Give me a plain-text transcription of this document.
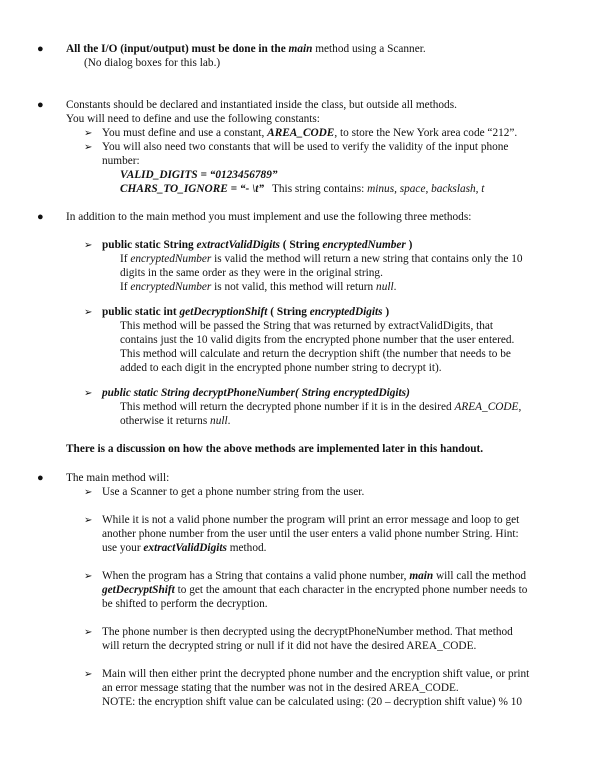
● All the I/O (input/output) must be done in the main method using a Scanner.
(No dialog boxes for this lab.)
● Constants should be declared and instantiated inside the class, but outside all methods.
You will need to define and use the following constants:
➢ You must define and use a constant, AREA_CODE, to store the New York area code “212”.
➢ You will also need two constants that will be used to verify the validity of the input phone
number:
VALID_DIGITS = “0123456789”
CHARS_TO_IGNORE = “- \t” This string contains: minus, space, backslash, t
● In addition to the main method you must implement and use the following three methods:
➢ public static String extractValidDigits ( String encryptedNumber )
If encryptedNumber is valid the method will return a new string that contains only the 10
digits in the same order as they were in the original string.
If encryptedNumber is not valid, this method will return null.
➢ public static int getDecryptionShift ( String encryptedDigits )
This method will be passed the String that was returned by extractValidDigits, that
contains just the 10 valid digits from the encrypted phone number that the user entered.
This method will calculate and return the decryption shift (the number that needs to be
added to each digit in the encrypted phone number string to decrypt it).
➢ public static String decryptPhoneNumber( String encryptedDigits)
This method will return the decrypted phone number if it is in the desired AREA_CODE,
otherwise it returns null.
There is a discussion on how the above methods are implemented later in this handout.
● The main method will:
➢ Use a Scanner to get a phone number string from the user.
➢ While it is not a valid phone number the program will print an error message and loop to get
another phone number from the user until the user enters a valid phone number String. Hint:
use your extractValidDigits method.
➢ When the program has a String that contains a valid phone number, main will call the method
getDecryptShift to get the amount that each character in the encrypted phone number needs to
be shifted to perform the decryption.
➢ The phone number is then decrypted using the decryptPhoneNumber method. That method
will return the decrypted string or null if it did not have the desired AREA_CODE.
➢ Main will then either print the decrypted phone number and the encryption shift value, or print
an error message stating that the number was not in the desired AREA_CODE.
NOTE: the encryption shift value can be calculated using: (20 – decryption shift value) % 10
